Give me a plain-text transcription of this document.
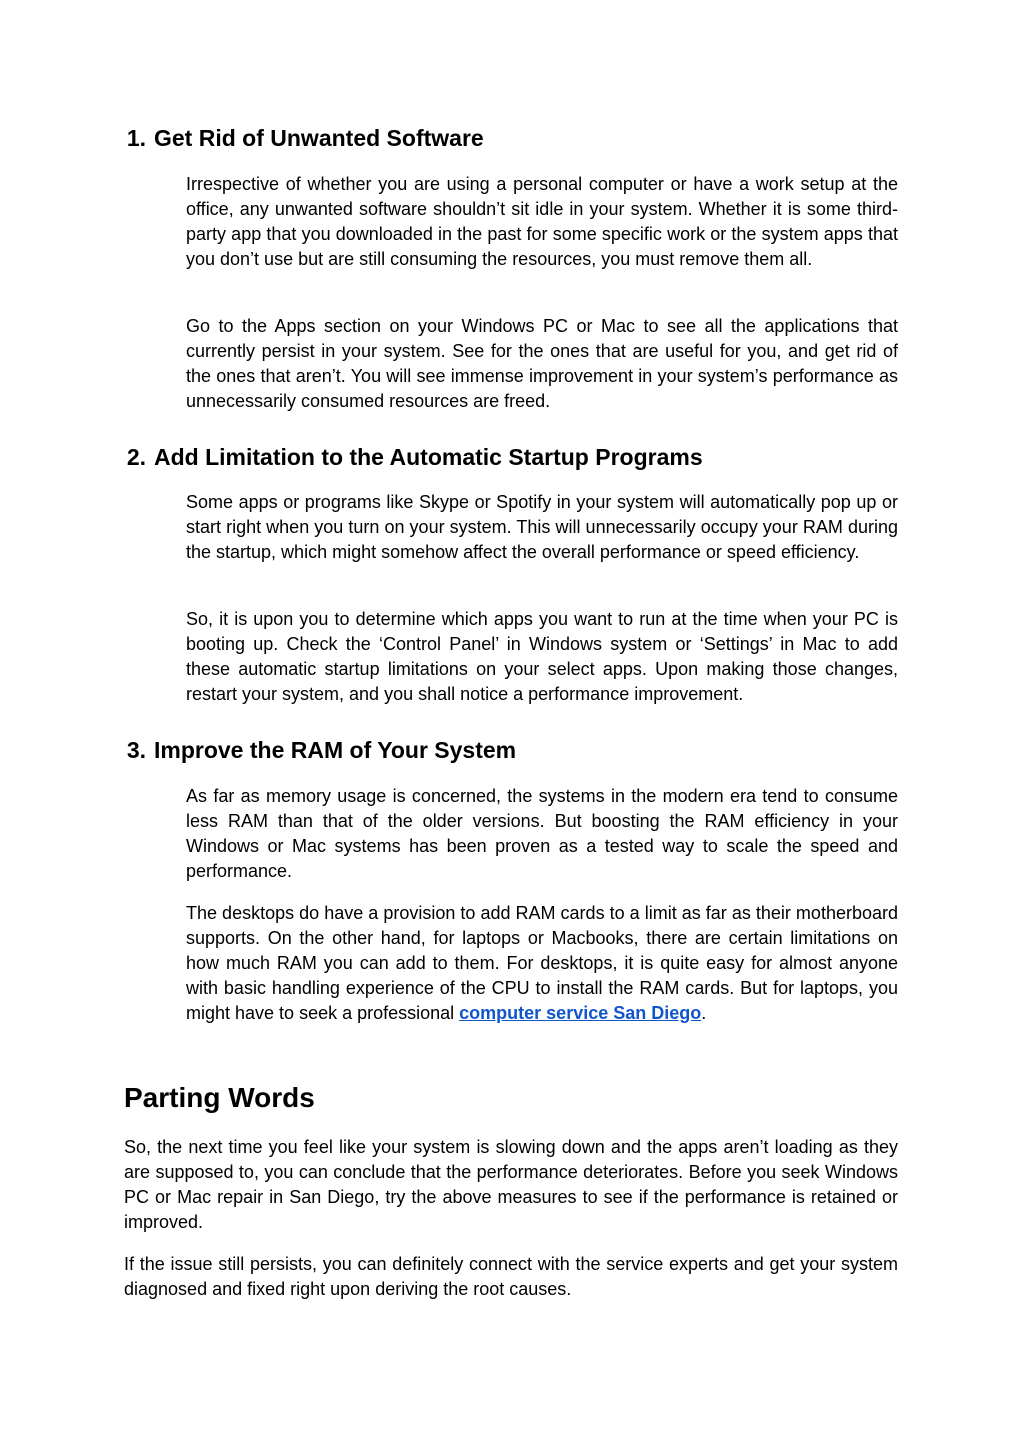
1. Get Rid of Unwanted Software

Irrespective of whether you are using a personal computer or have a work setup at the office, any unwanted software shouldn’t sit idle in your system. Whether it is some third-party app that you downloaded in the past for some specific work or the system apps that you don’t use but are still consuming the resources, you must remove them all.

Go to the Apps section on your Windows PC or Mac to see all the applications that currently persist in your system. See for the ones that are useful for you, and get rid of the ones that aren’t. You will see immense improvement in your system’s performance as unnecessarily consumed resources are freed.

2. Add Limitation to the Automatic Startup Programs

Some apps or programs like Skype or Spotify in your system will automatically pop up or start right when you turn on your system. This will unnecessarily occupy your RAM during the startup, which might somehow affect the overall performance or speed efficiency.

So, it is upon you to determine which apps you want to run at the time when your PC is booting up. Check the ‘Control Panel’ in Windows system or ‘Settings’ in Mac to add these automatic startup limitations on your select apps. Upon making those changes, restart your system, and you shall notice a performance improvement.

3. Improve the RAM of Your System

As far as memory usage is concerned, the systems in the modern era tend to consume less RAM than that of the older versions. But boosting the RAM efficiency in your Windows or Mac systems has been proven as a tested way to scale the speed and performance.

The desktops do have a provision to add RAM cards to a limit as far as their motherboard supports. On the other hand, for laptops or Macbooks, there are certain limitations on how much RAM you can add to them. For desktops, it is quite easy for almost anyone with basic handling experience of the CPU to install the RAM cards. But for laptops, you might have to seek a professional computer service San Diego.

Parting Words

So, the next time you feel like your system is slowing down and the apps aren’t loading as they are supposed to, you can conclude that the performance deteriorates. Before you seek Windows PC or Mac repair in San Diego, try the above measures to see if the performance is retained or improved.

If the issue still persists, you can definitely connect with the service experts and get your system diagnosed and fixed right upon deriving the root causes.
